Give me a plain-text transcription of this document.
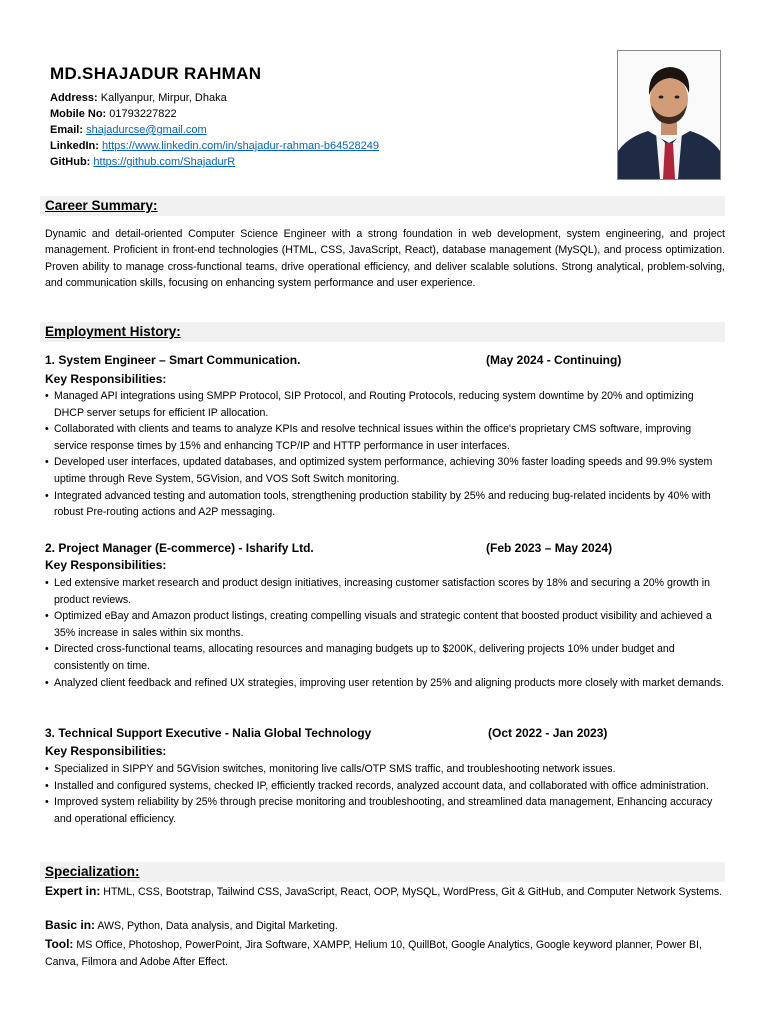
MD.SHAJADUR RAHMAN
Address: Kallyanpur, Mirpur, Dhaka
Mobile No: 01793227822
Email: shajadurcse@gmail.com
LinkedIn: https://www.linkedin.com/in/shajadur-rahman-b64528249
GitHub: https://github.com/ShajadurR
Career Summary:
Dynamic and detail-oriented Computer Science Engineer with a strong foundation in web development, system engineering, and project management. Proficient in front-end technologies (HTML, CSS, JavaScript, React), database management (MySQL), and process optimization. Proven ability to manage cross-functional teams, drive operational efficiency, and deliver scalable solutions. Strong analytical, problem-solving, and communication skills, focusing on enhancing system performance and user experience.
Employment History:
1. System Engineer – Smart Communication.	(May 2024 - Continuing)
Key Responsibilities:
• Managed API integrations using SMPP Protocol, SIP Protocol, and Routing Protocols, reducing system downtime by 20% and optimizing DHCP server setups for efficient IP allocation.
• Collaborated with clients and teams to analyze KPIs and resolve technical issues within the office's proprietary CMS software, improving service response times by 15% and enhancing TCP/IP and HTTP performance in user interfaces.
• Developed user interfaces, updated databases, and optimized system performance, achieving 30% faster loading speeds and 99.9% system uptime through Reve System, 5GVision, and VOS Soft Switch monitoring.
• Integrated advanced testing and automation tools, strengthening production stability by 25% and reducing bug-related incidents by 40% with robust Pre-routing actions and A2P messaging.
2. Project Manager (E-commerce) - Isharify Ltd.	(Feb 2023 – May 2024)
Key Responsibilities:
• Led extensive market research and product design initiatives, increasing customer satisfaction scores by 18% and securing a 20% growth in product reviews.
• Optimized eBay and Amazon product listings, creating compelling visuals and strategic content that boosted product visibility and achieved a 35% increase in sales within six months.
• Directed cross-functional teams, allocating resources and managing budgets up to $200K, delivering projects 10% under budget and consistently on time.
• Analyzed client feedback and refined UX strategies, improving user retention by 25% and aligning products more closely with market demands.
3. Technical Support Executive - Nalia Global Technology	(Oct 2022 - Jan 2023)
Key Responsibilities:
• Specialized in SIPPY and 5GVision switches, monitoring live calls/OTP SMS traffic, and troubleshooting network issues.
• Installed and configured systems, checked IP, efficiently tracked records, analyzed account data, and collaborated with office administration.
• Improved system reliability by 25% through precise monitoring and troubleshooting, and streamlined data management, Enhancing accuracy and operational efficiency.
Specialization:
Expert in: HTML, CSS, Bootstrap, Tailwind CSS, JavaScript, React, OOP, MySQL, WordPress, Git & GitHub, and Computer Network Systems.
Basic in: AWS, Python, Data analysis, and Digital Marketing.
Tool: MS Office, Photoshop, PowerPoint, Jira Software, XAMPP, Helium 10, QuillBot, Google Analytics, Google keyword planner, Power BI, Canva, Filmora and Adobe After Effect.
